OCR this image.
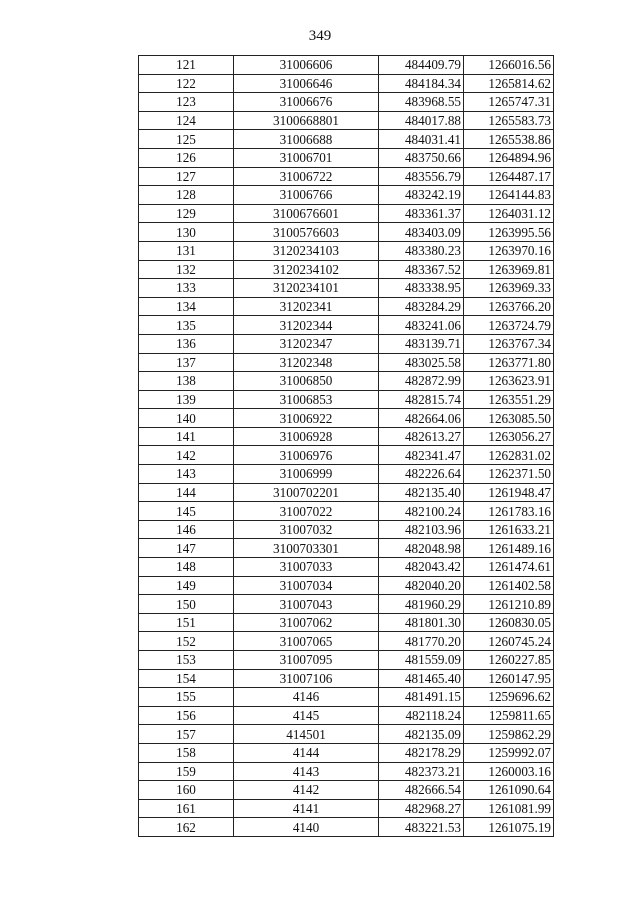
349
121	31006606	484409.79	1266016.56
122	31006646	484184.34	1265814.62
123	31006676	483968.55	1265747.31
124	3100668801	484017.88	1265583.73
125	31006688	484031.41	1265538.86
126	31006701	483750.66	1264894.96
127	31006722	483556.79	1264487.17
128	31006766	483242.19	1264144.83
129	3100676601	483361.37	1264031.12
130	3100576603	483403.09	1263995.56
131	3120234103	483380.23	1263970.16
132	3120234102	483367.52	1263969.81
133	3120234101	483338.95	1263969.33
134	31202341	483284.29	1263766.20
135	31202344	483241.06	1263724.79
136	31202347	483139.71	1263767.34
137	31202348	483025.58	1263771.80
138	31006850	482872.99	1263623.91
139	31006853	482815.74	1263551.29
140	31006922	482664.06	1263085.50
141	31006928	482613.27	1263056.27
142	31006976	482341.47	1262831.02
143	31006999	482226.64	1262371.50
144	3100702201	482135.40	1261948.47
145	31007022	482100.24	1261783.16
146	31007032	482103.96	1261633.21
147	3100703301	482048.98	1261489.16
148	31007033	482043.42	1261474.61
149	31007034	482040.20	1261402.58
150	31007043	481960.29	1261210.89
151	31007062	481801.30	1260830.05
152	31007065	481770.20	1260745.24
153	31007095	481559.09	1260227.85
154	31007106	481465.40	1260147.95
155	4146	481491.15	1259696.62
156	4145	482118.24	1259811.65
157	414501	482135.09	1259862.29
158	4144	482178.29	1259992.07
159	4143	482373.21	1260003.16
160	4142	482666.54	1261090.64
161	4141	482968.27	1261081.99
162	4140	483221.53	1261075.19
